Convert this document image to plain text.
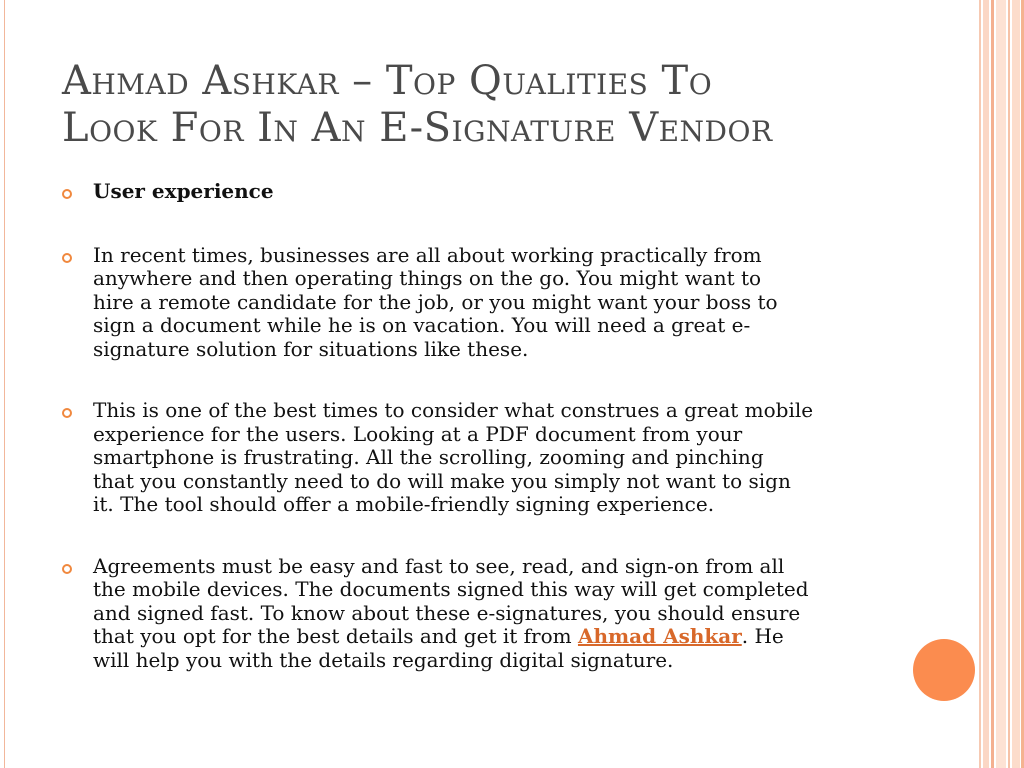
Ahmad Ashkar – Top Qualities To
Look For In An E-Signature Vendor
User experience
In recent times, businesses are all about working practically from
anywhere and then operating things on the go. You might want to
hire a remote candidate for the job, or you might want your boss to
sign a document while he is on vacation. You will need a great e-
signature solution for situations like these.
This is one of the best times to consider what construes a great mobile
experience for the users. Looking at a PDF document from your
smartphone is frustrating. All the scrolling, zooming and pinching
that you constantly need to do will make you simply not want to sign
it. The tool should offer a mobile-friendly signing experience.
Agreements must be easy and fast to see, read, and sign-on from all
the mobile devices. The documents signed this way will get completed
and signed fast. To know about these e-signatures, you should ensure
that you opt for the best details and get it from Ahmad Ashkar. He
will help you with the details regarding digital signature.
